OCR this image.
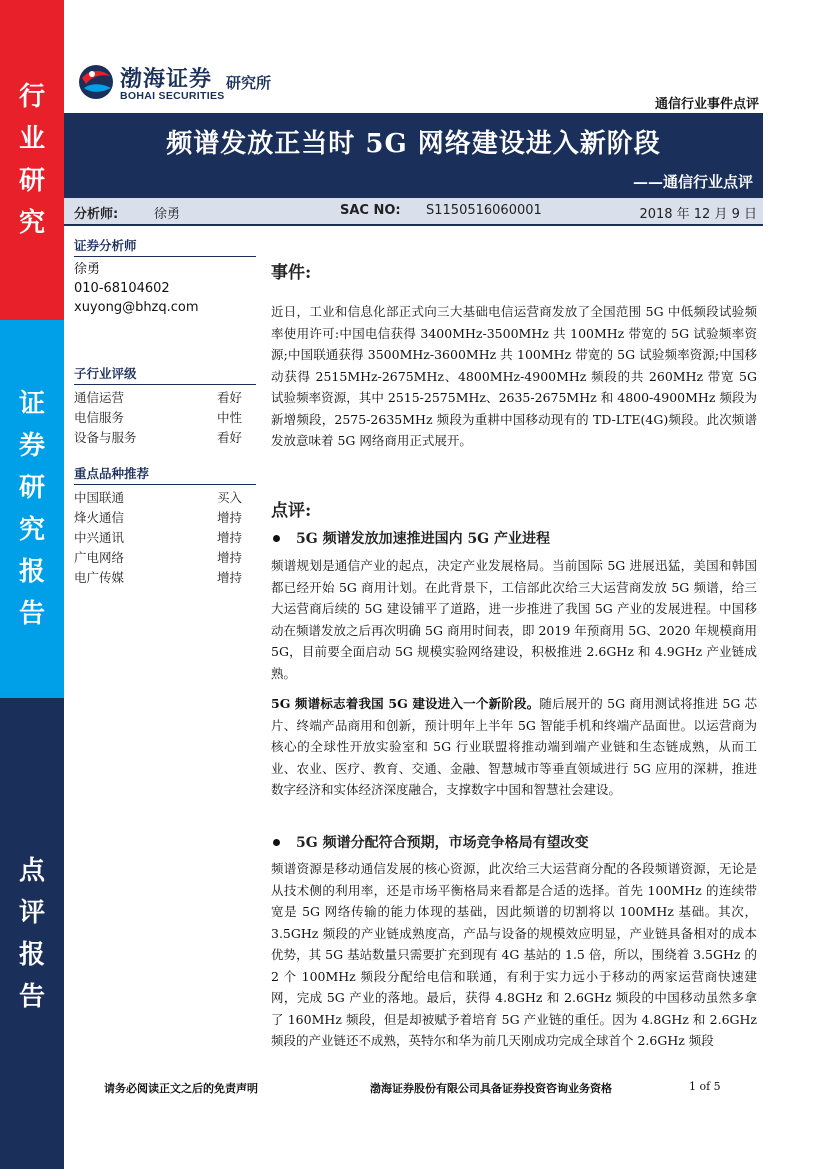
行
业
研
究
证
券
研
究
报
告
点
评
报
告
渤海证券
BOHAI SECURITIES
研究所
通信行业事件点评
频谱发放正当时 5G 网络建设进入新阶段
——通信行业点评
分析师:	徐勇	SAC NO: S1150516060001	2018 年 12 月 9 日
证券分析师
徐勇
010-68104602
xuyong@bhzq.com
子行业评级
通信运营	看好
电信服务	中性
设备与服务	看好
重点品种推荐
中国联通	买入
烽火通信	增持
中兴通讯	增持
广电网络	增持
电广传媒	增持
事件:

近日，工业和信息化部正式向三大基础电信运营商发放了全国范围 5G 中低频段试验频率使用许可:中国电信获得 3400MHz-3500MHz 共 100MHz 带宽的 5G 试验频率资源;中国联通获得 3500MHz-3600MHz 共 100MHz 带宽的 5G 试验频率资源;中国移动获得 2515MHz-2675MHz、4800MHz-4900MHz 频段的共 260MHz 带宽 5G 试验频率资源，其中 2515-2575MHz、2635-2675MHz 和 4800-4900MHz 频段为新增频段，2575-2635MHz 频段为重耕中国移动现有的 TD-LTE(4G)频段。此次频谱发放意味着 5G 网络商用正式展开。

点评:
5G 频谱发放加速推进国内 5G 产业进程

频谱规划是通信产业的起点，决定产业发展格局。当前国际 5G 进展迅猛，美国和韩国都已经开始 5G 商用计划。在此背景下，工信部此次给三大运营商发放 5G 频谱，给三大运营商后续的 5G 建设铺平了道路，进一步推进了我国 5G 产业的发展进程。中国移动在频谱发放之后再次明确 5G 商用时间表，即 2019 年预商用 5G、2020 年规模商用 5G，目前要全面启动 5G 规模实验网络建设，积极推进 2.6GHz 和 4.9GHz 产业链成熟。

5G 频谱标志着我国 5G 建设进入一个新阶段。随后展开的 5G 商用测试将推进 5G 芯片、终端产品商用和创新，预计明年上半年 5G 智能手机和终端产品面世。以运营商为核心的全球性开放实验室和 5G 行业联盟将推动端到端产业链和生态链成熟，从而工业、农业、医疗、教育、交通、金融、智慧城市等垂直领域进行 5G 应用的深耕，推进数字经济和实体经济深度融合，支撑数字中国和智慧社会建设。

5G 频谱分配符合预期，市场竞争格局有望改变

频谱资源是移动通信发展的核心资源，此次给三大运营商分配的各段频谱资源，无论是从技术侧的利用率，还是市场平衡格局来看都是合适的选择。首先 100MHz 的连续带宽是 5G 网络传输的能力体现的基础，因此频谱的切割将以 100MHz 基础。其次，3.5GHz 频段的产业链成熟度高，产品与设备的规模效应明显，产业链具备相对的成本优势，其 5G 基站数量只需要扩充到现有 4G 基站的 1.5 倍，所以，围绕着 3.5GHz 的 2 个 100MHz 频段分配给电信和联通，有利于实力远小于移动的两家运营商快速建网，完成 5G 产业的落地。最后，获得 4.8GHz 和 2.6GHz 频段的中国移动虽然多拿了 160MHz 频段，但是却被赋予着培育 5G 产业链的重任。因为 4.8GHz 和 2.6GHz 频段的产业链还不成熟，英特尔和华为前几天刚成功完成全球首个 2.6GHz 频段

请务必阅读正文之后的免责声明	渤海证券股份有限公司具备证券投资咨询业务资格	1 of 5
